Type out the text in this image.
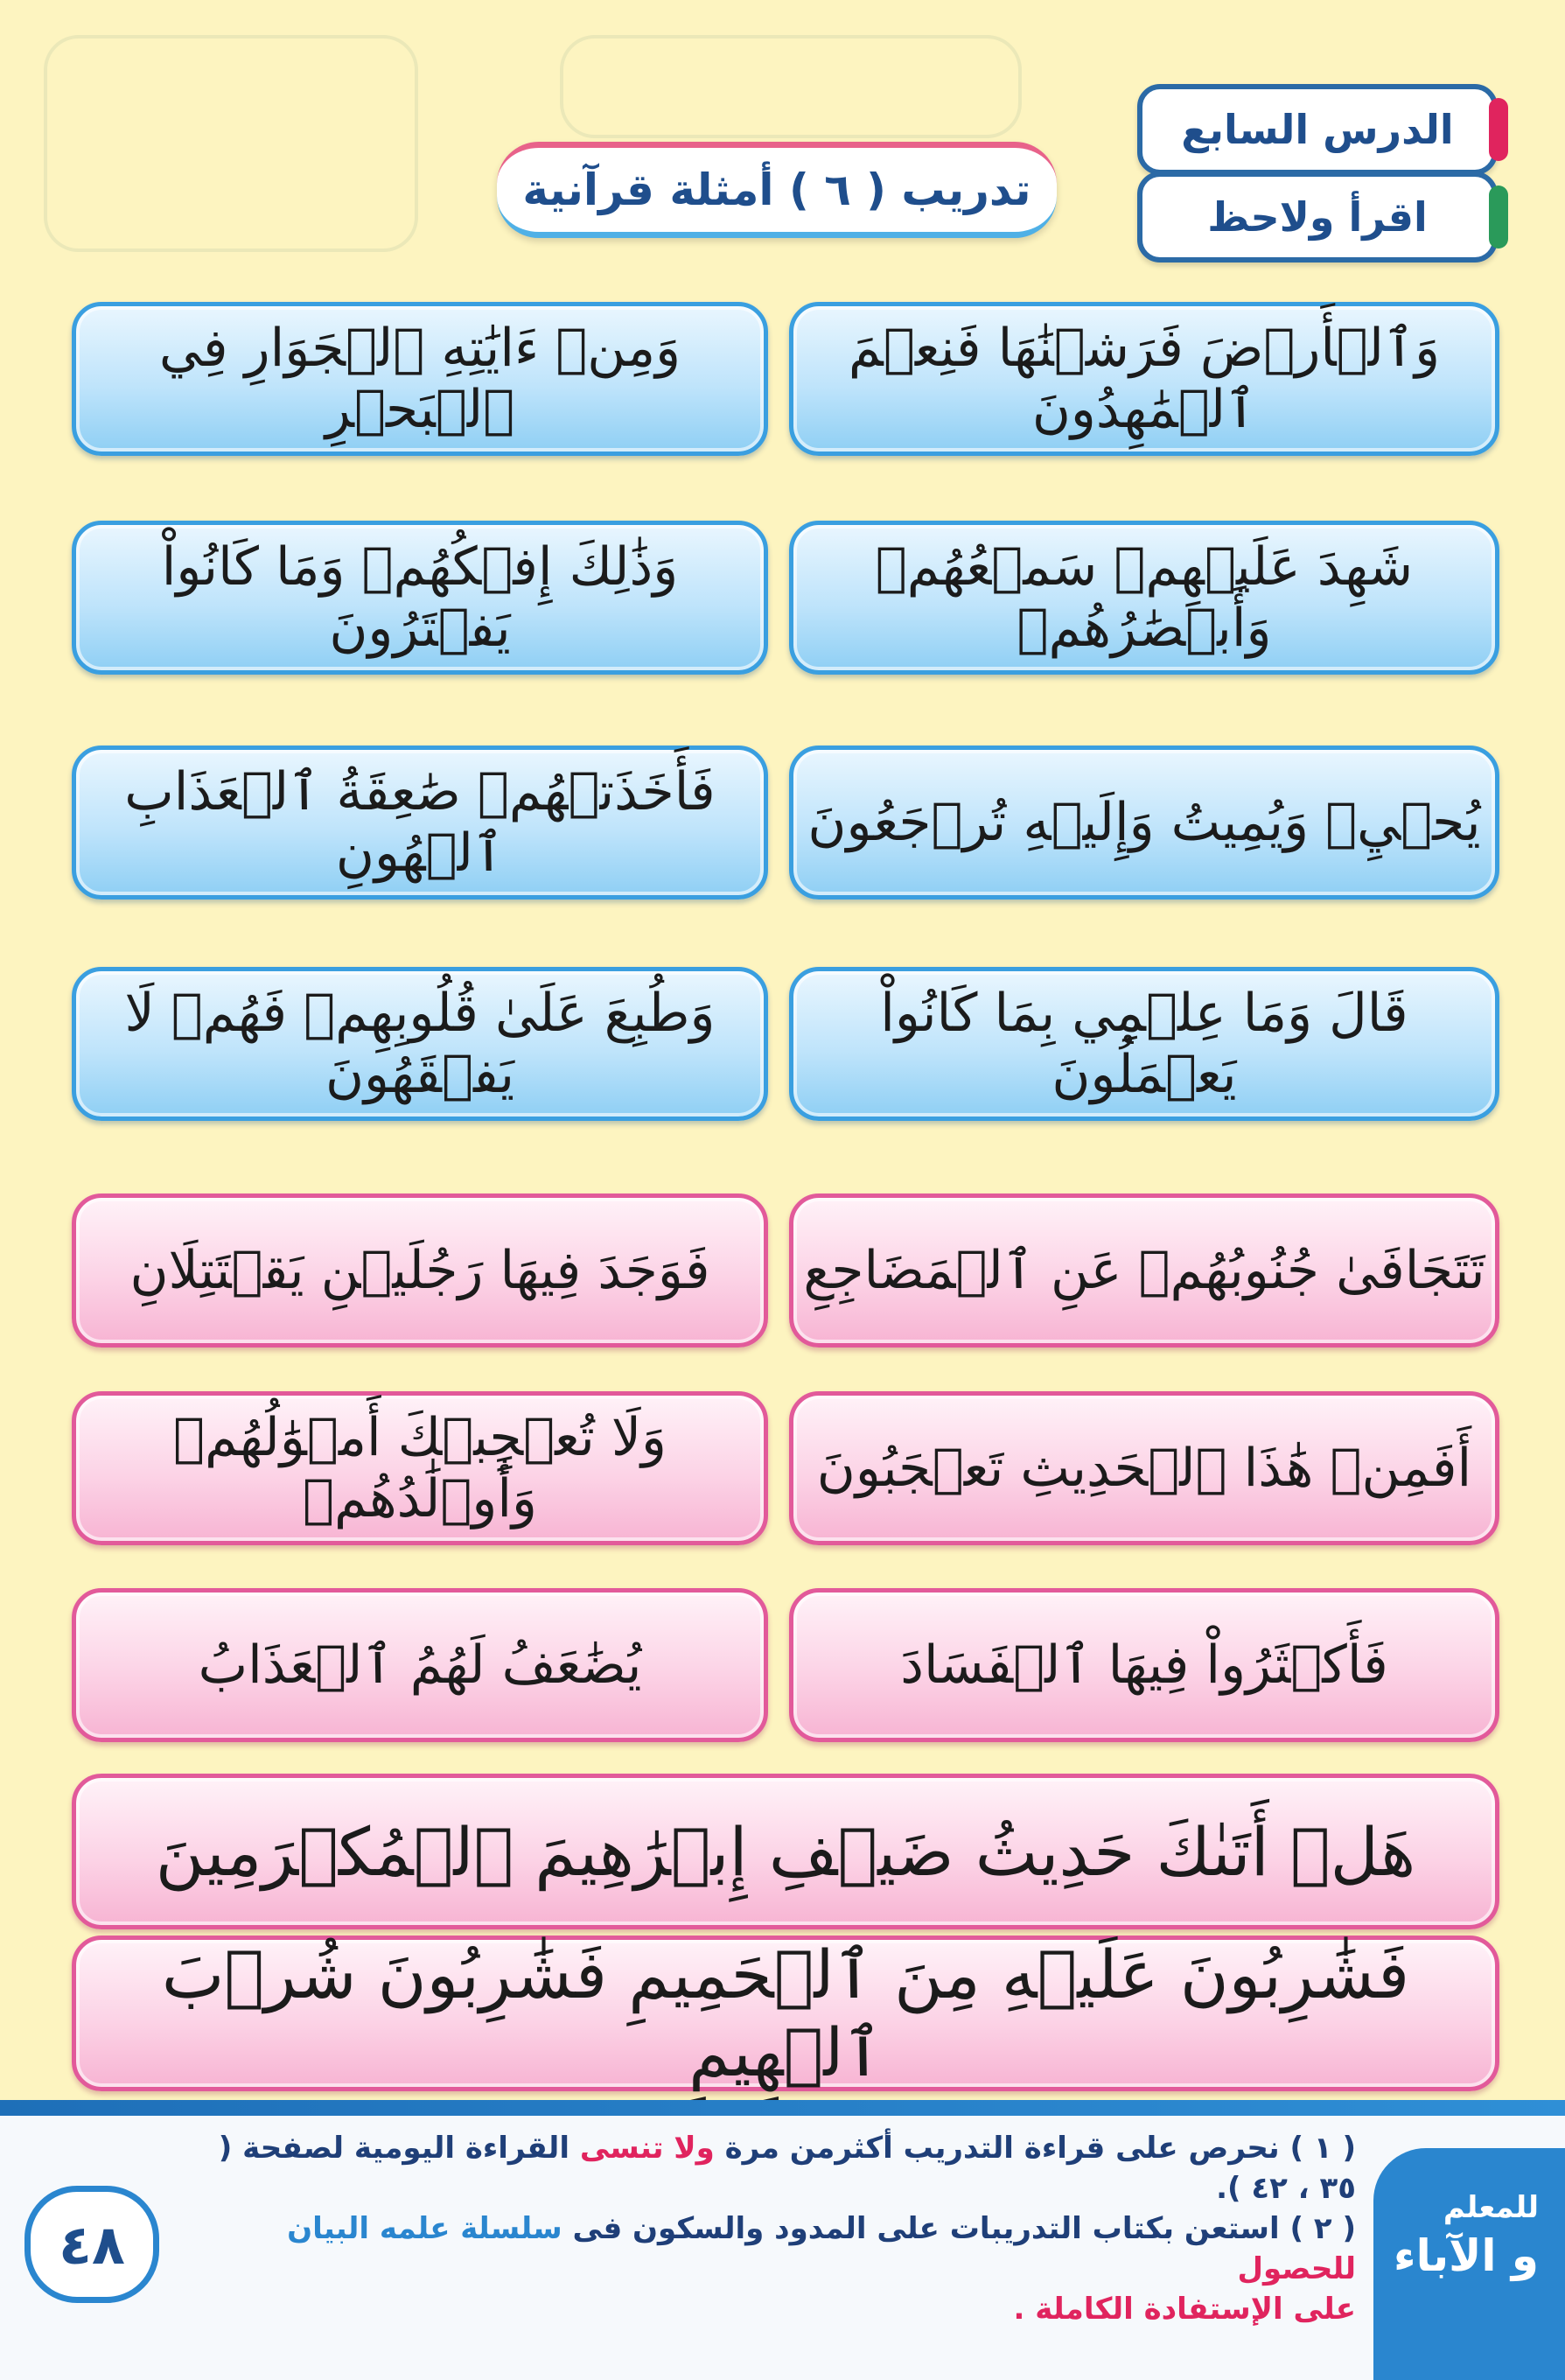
الدرس السابع
اقرأ ولاحظ
تدريب ( ٦ ) أمثلة قرآنية
وَٱلۡأَرۡضَ فَرَشۡنَٰهَا فَنِعۡمَ ٱلۡمَٰهِدُونَ
وَمِنۡ ءَايَٰتِهِ ٱلۡجَوَارِ فِي ٱلۡبَحۡرِ
شَهِدَ عَلَيۡهِمۡ سَمۡعُهُمۡ وَأَبۡصَٰرُهُمۡ
وَذَٰلِكَ إِفۡكُهُمۡ وَمَا كَانُواْ يَفۡتَرُونَ
يُحۡيِۦ وَيُمِيتُ وَإِلَيۡهِ تُرۡجَعُونَ
فَأَخَذَتۡهُمۡ صَٰعِقَةُ ٱلۡعَذَابِ ٱلۡهُونِ
قَالَ وَمَا عِلۡمِي بِمَا كَانُواْ يَعۡمَلُونَ
وَطُبِعَ عَلَىٰ قُلُوبِهِمۡ فَهُمۡ لَا يَفۡقَهُونَ
تَتَجَافَىٰ جُنُوبُهُمۡ عَنِ ٱلۡمَضَاجِعِ
فَوَجَدَ فِيهَا رَجُلَيۡنِ يَقۡتَتِلَانِ
أَفَمِنۡ هَٰذَا ٱلۡحَدِيثِ تَعۡجَبُونَ
وَلَا تُعۡجِبۡكَ أَمۡوَٰلُهُمۡ وَأَوۡلَٰدُهُمۡ
فَأَكۡثَرُواْ فِيهَا ٱلۡفَسَادَ
يُضَٰعَفُ لَهُمُ ٱلۡعَذَابُ
هَلۡ أَتَىٰكَ حَدِيثُ ضَيۡفِ إِبۡرَٰهِيمَ ٱلۡمُكۡرَمِينَ
فَشَٰرِبُونَ عَلَيۡهِ مِنَ ٱلۡحَمِيمِ فَشَٰرِبُونَ شُرۡبَ ٱلۡهِيمِ
( ١ ) نحرص على قراءة التدريب أكثرمن مرة ولا تنسى القراءة اليومية لصفحة ( ٣٥ ، ٤٢ ).
( ٢ ) استعن بكتاب التدريبات على المدود والسكون فى سلسلة علمه البيان للحصول
على الإستفادة الكاملة .
للمعلم
و الآباء
٤٨
